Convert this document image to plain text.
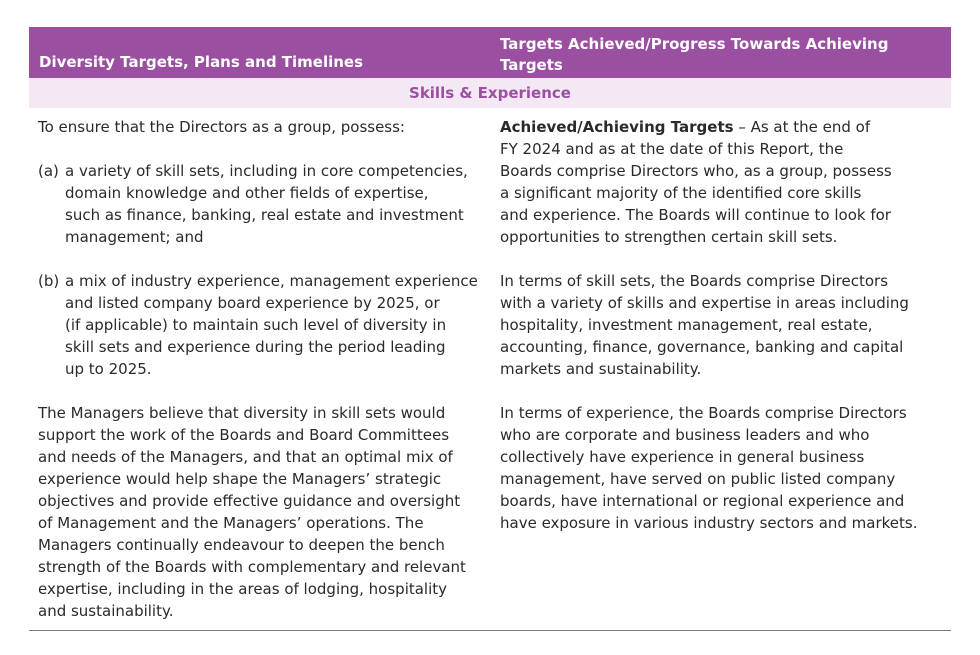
Diversity Targets, Plans and Timelines
Targets Achieved/Progress Towards Achieving
Targets
Skills & Experience
To ensure that the Directors as a group, possess:
(a) a variety of skill sets, including in core competencies,
domain knowledge and other fields of expertise,
such as finance, banking, real estate and investment
management; and
(b) a mix of industry experience, management experience
and listed company board experience by 2025, or
(if applicable) to maintain such level of diversity in
skill sets and experience during the period leading
up to 2025.
The Managers believe that diversity in skill sets would
support the work of the Boards and Board Committees
and needs of the Managers, and that an optimal mix of
experience would help shape the Managers’ strategic
objectives and provide effective guidance and oversight
of Management and the Managers’ operations. The
Managers continually endeavour to deepen the bench
strength of the Boards with complementary and relevant
expertise, including in the areas of lodging, hospitality
and sustainability.
Achieved/Achieving Targets – As at the end of
FY 2024 and as at the date of this Report, the
Boards comprise Directors who, as a group, possess
a significant majority of the identified core skills
and experience. The Boards will continue to look for
opportunities to strengthen certain skill sets.
In terms of skill sets, the Boards comprise Directors
with a variety of skills and expertise in areas including
hospitality, investment management, real estate,
accounting, finance, governance, banking and capital
markets and sustainability.
In terms of experience, the Boards comprise Directors
who are corporate and business leaders and who
collectively have experience in general business
management, have served on public listed company
boards, have international or regional experience and
have exposure in various industry sectors and markets.
